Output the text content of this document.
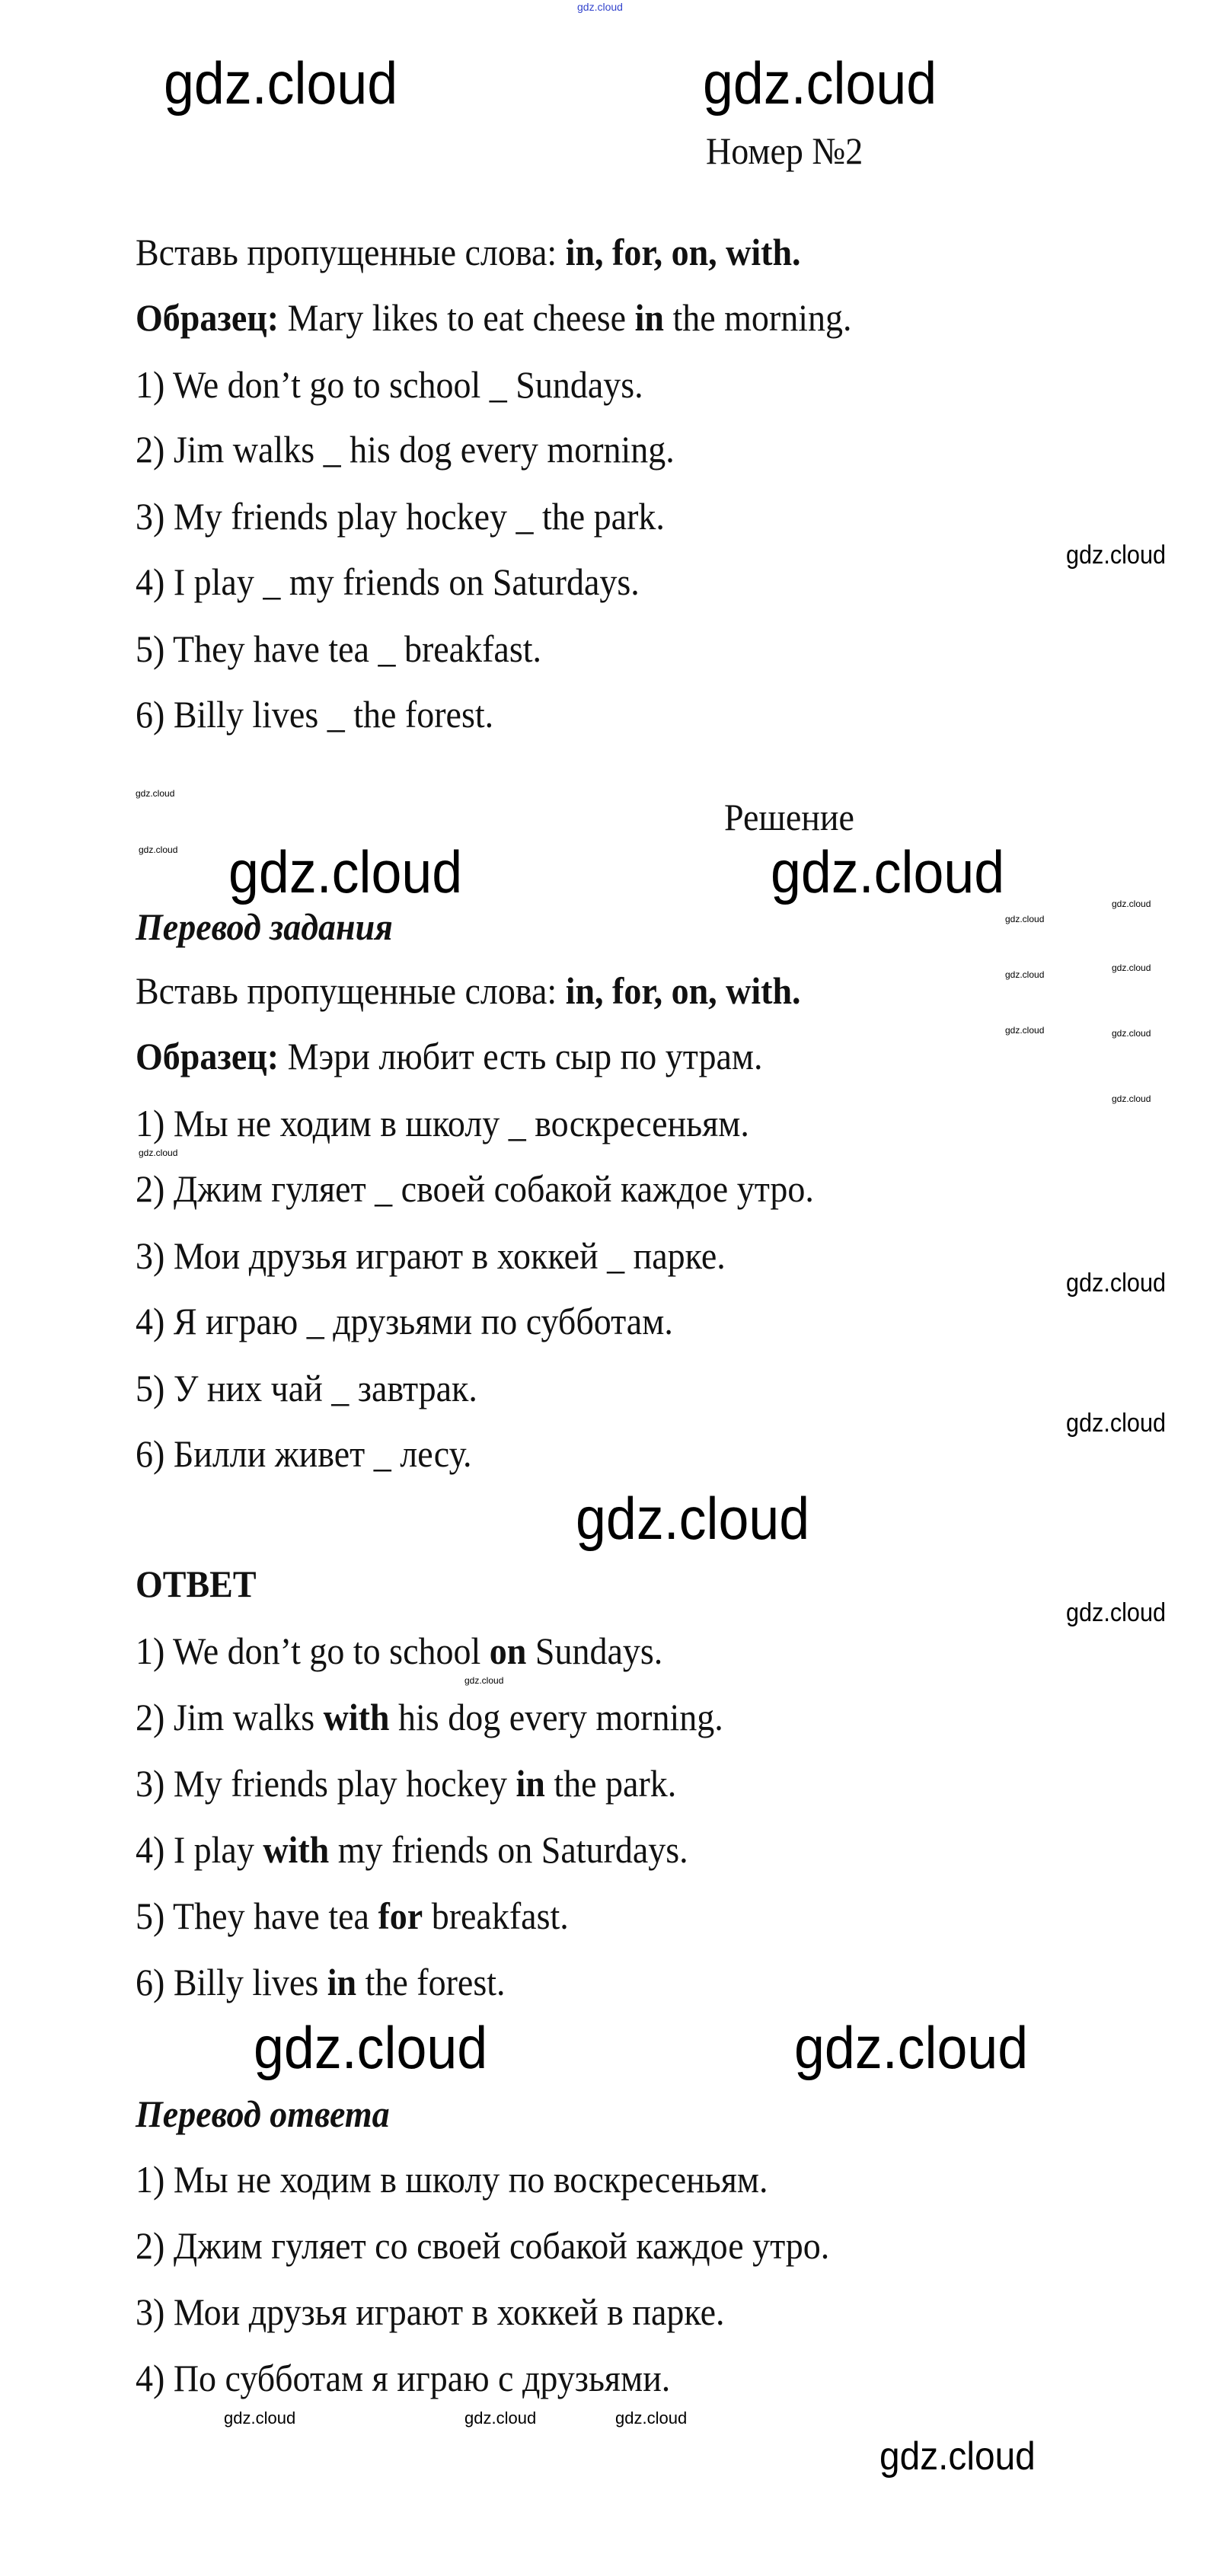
gdz.cloud
Номер №2
Вставь пропущенные слова: in, for, on, with.
Образец: Mary likes to eat cheese in the morning.
1) We don’t go to school _ Sundays.
2) Jim walks _ his dog every morning.
3) My friends play hockey _ the park.
4) I play _ my friends on Saturdays.
5) They have tea _ breakfast.
6) Billy lives _ the forest.
Решение
Перевод задания
Вставь пропущенные слова: in, for, on, with.
Образец: Мэри любит есть сыр по утрам.
1) Мы не ходим в школу _ воскресеньям.
2) Джим гуляет _ своей собакой каждое утро.
3) Мои друзья играют в хоккей _ парке.
4) Я играю _ друзьями по субботам.
5) У них чай _ завтрак.
6) Билли живет _ лесу.
ОТВЕТ
1) We don’t go to school on Sundays.
2) Jim walks with his dog every morning.
3) My friends play hockey in the park.
4) I play with my friends on Saturdays.
5) They have tea for breakfast.
6) Billy lives in the forest.
Перевод ответа
1) Мы не ходим в школу по воскресеньям.
2) Джим гуляет со своей собакой каждое утро.
3) Мои друзья играют в хоккей в парке.
4) По субботам я играю с друзьями.
gdz.cloud	gdz.cloud
gdz.cloud
gdz.cloud
gdz.cloud
gdz.cloud
gdz.cloud
gdz.cloud
gdz.cloud
gdz.cloud
gdz.cloud
gdz.cloud
gdz.cloud
gdz.cloud
gdz.cloud
gdz.cloud
gdz.cloud
gdz.cloud
gdz.cloud
gdz.cloud
gdz.cloud
gdz.cloud
gdz.cloud
gdz.cloud	gdz.cloud	gdz.cloud
